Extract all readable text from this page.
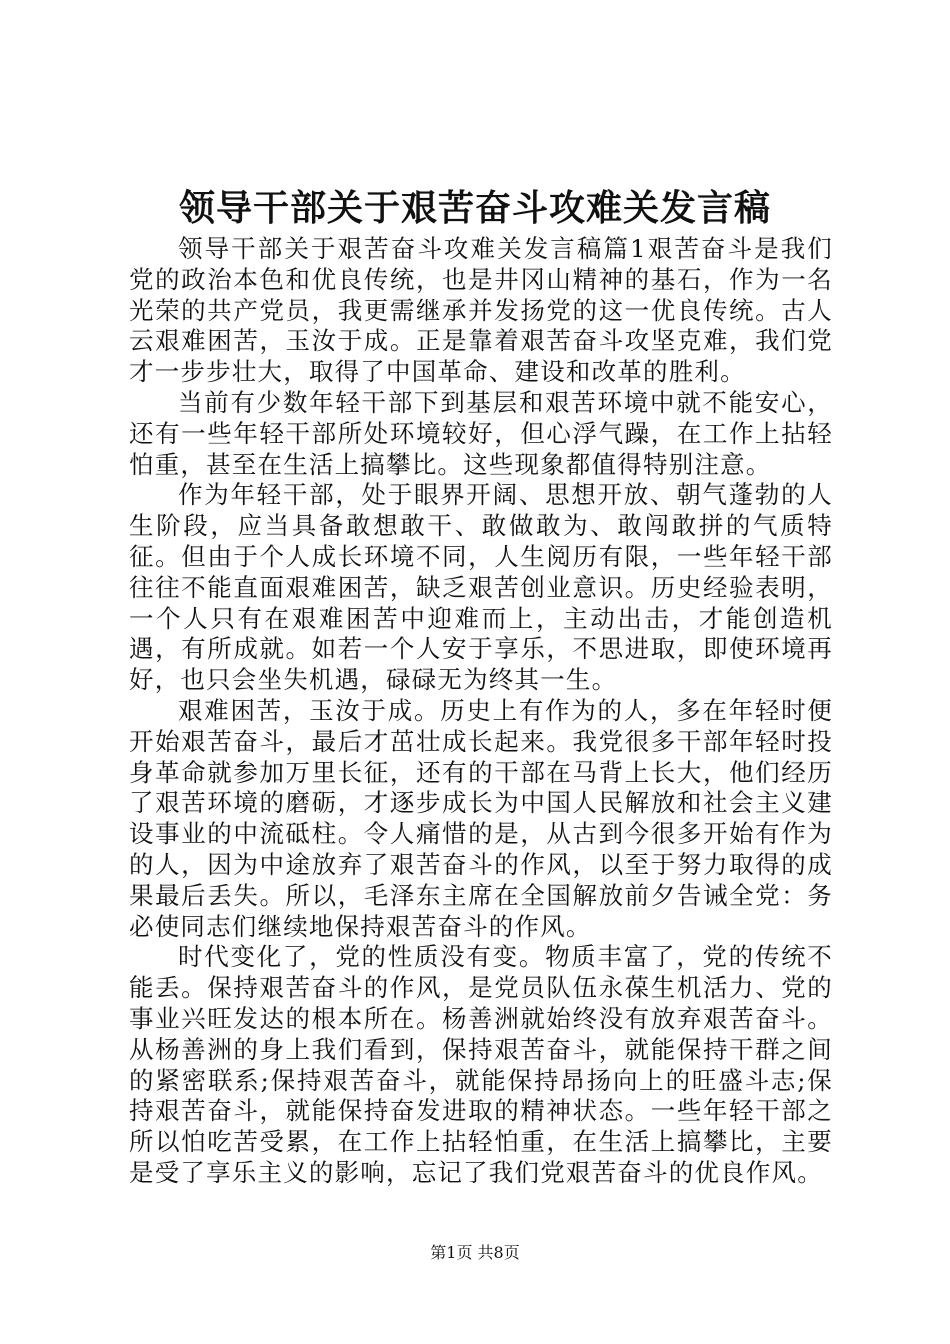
领导干部关于艰苦奋斗攻难关发言稿

领导干部关于艰苦奋斗攻难关发言稿篇1艰苦奋斗是我们党的政治本色和优良传统，也是井冈山精神的基石，作为一名光荣的共产党员，我更需继承并发扬党的这一优良传统。古人云艰难困苦，玉汝于成。正是靠着艰苦奋斗攻坚克难，我们党才一步步壮大，取得了中国革命、建设和改革的胜利。

当前有少数年轻干部下到基层和艰苦环境中就不能安心，还有一些年轻干部所处环境较好，但心浮气躁，在工作上拈轻怕重，甚至在生活上搞攀比。这些现象都值得特别注意。

作为年轻干部，处于眼界开阔、思想开放、朝气蓬勃的人生阶段，应当具备敢想敢干、敢做敢为、敢闯敢拼的气质特征。但由于个人成长环境不同，人生阅历有限，一些年轻干部往往不能直面艰难困苦，缺乏艰苦创业意识。历史经验表明，一个人只有在艰难困苦中迎难而上，主动出击，才能创造机遇，有所成就。如若一个人安于享乐，不思进取，即使环境再好，也只会坐失机遇，碌碌无为终其一生。

艰难困苦，玉汝于成。历史上有作为的人，多在年轻时便开始艰苦奋斗，最后才茁壮成长起来。我党很多干部年轻时投身革命就参加万里长征，还有的干部在马背上长大，他们经历了艰苦环境的磨砺，才逐步成长为中国人民解放和社会主义建设事业的中流砥柱。令人痛惜的是，从古到今很多开始有作为的人，因为中途放弃了艰苦奋斗的作风，以至于努力取得的成果最后丢失。所以，毛泽东主席在全国解放前夕告诫全党：务必使同志们继续地保持艰苦奋斗的作风。

时代变化了，党的性质没有变。物质丰富了，党的传统不能丢。保持艰苦奋斗的作风，是党员队伍永葆生机活力、党的事业兴旺发达的根本所在。杨善洲就始终没有放弃艰苦奋斗。从杨善洲的身上我们看到，保持艰苦奋斗，就能保持干群之间的紧密联系;保持艰苦奋斗，就能保持昂扬向上的旺盛斗志;保持艰苦奋斗，就能保持奋发进取的精神状态。一些年轻干部之所以怕吃苦受累，在工作上拈轻怕重，在生活上搞攀比，主要是受了享乐主义的影响，忘记了我们党艰苦奋斗的优良作风。

第1页 共8页
